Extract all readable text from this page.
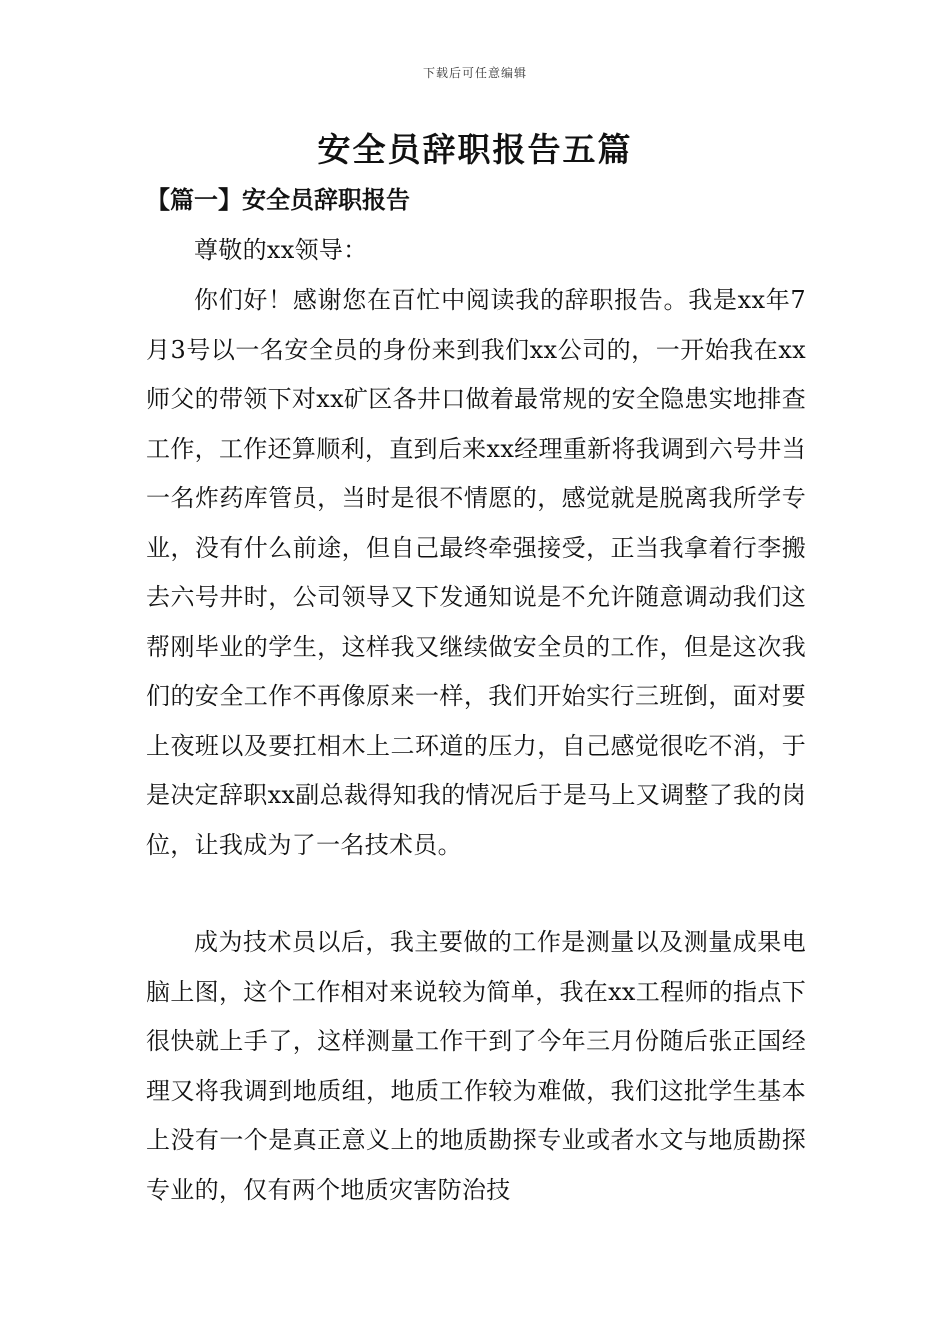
下载后可任意编辑
安全员辞职报告五篇
【篇一】安全员辞职报告

尊敬的xx领导：

你们好！感谢您在百忙中阅读我的辞职报告。我是xx年7月3号以一名安全员的身份来到我们xx公司的，一开始我在xx师父的带领下对xx矿区各井口做着最常规的安全隐患实地排查工作，工作还算顺利，直到后来xx经理重新将我调到六号井当一名炸药库管员，当时是很不情愿的，感觉就是脱离我所学专业，没有什么前途，但自己最终牵强接受，正当我拿着行李搬去六号井时，公司领导又下发通知说是不允许随意调动我们这帮刚毕业的学生，这样我又继续做安全员的工作，但是这次我们的安全工作不再像原来一样，我们开始实行三班倒，面对要上夜班以及要扛相木上二环道的压力，自己感觉很吃不消，于是决定辞职xx副总裁得知我的情况后于是马上又调整了我的岗位，让我成为了一名技术员。

成为技术员以后，我主要做的工作是测量以及测量成果电脑上图，这个工作相对来说较为简单，我在xx工程师的指点下很快就上手了，这样测量工作干到了今年三月份随后张正国经理又将我调到地质组，地质工作较为难做，我们这批学生基本上没有一个是真正意义上的地质勘探专业或者水文与地质勘探专业的，仅有两个地质灾害防治技
